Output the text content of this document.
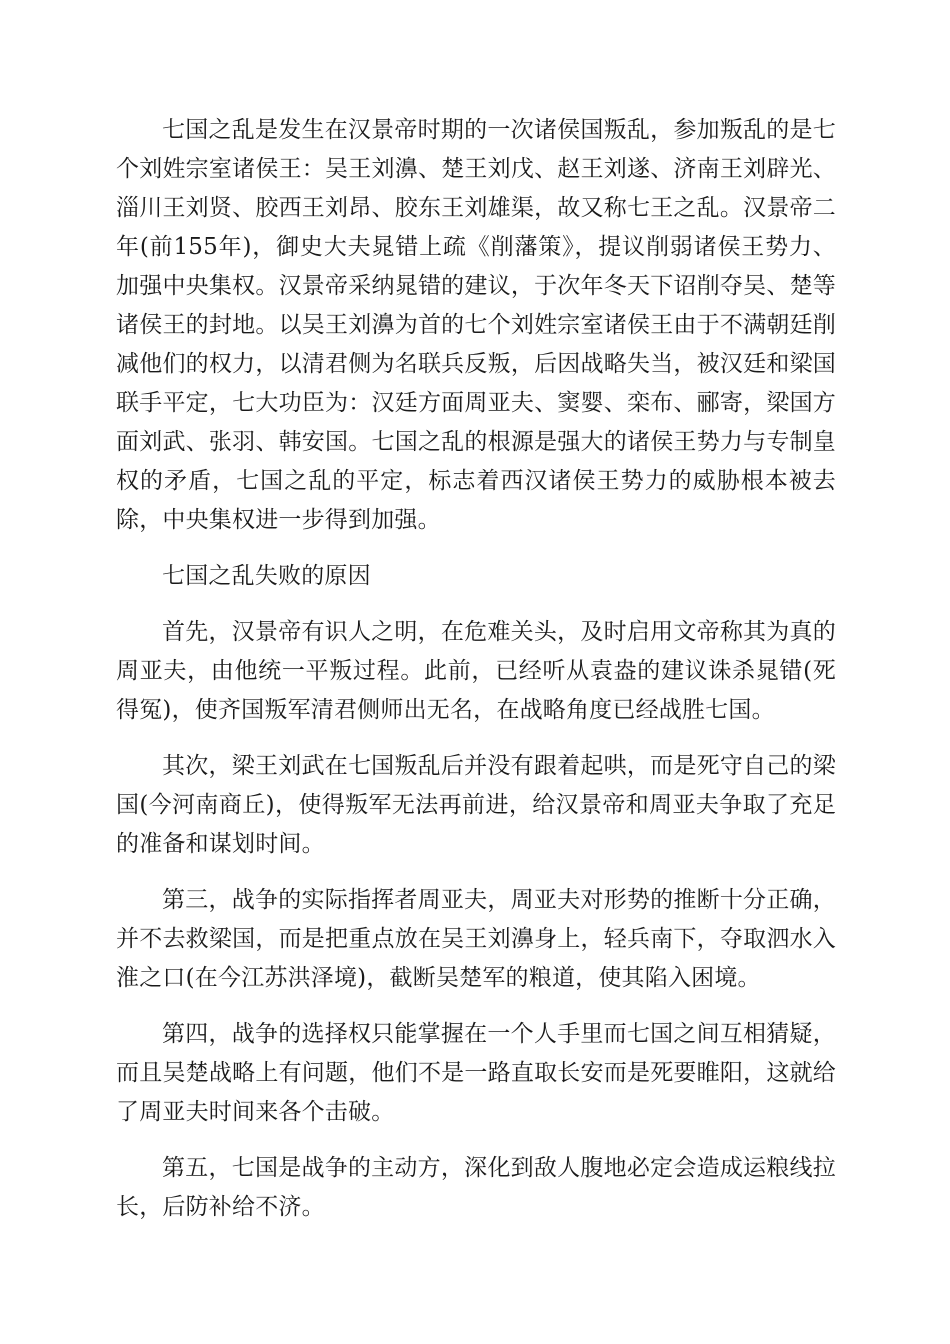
七国之乱是发生在汉景帝时期的一次诸侯国叛乱，参加叛乱的是七个刘姓宗室诸侯王：吴王刘濞、楚王刘戊、赵王刘遂、济南王刘辟光、淄川王刘贤、胶西王刘昂、胶东王刘雄渠，故又称七王之乱。汉景帝二年(前155年)，御史大夫晁错上疏《削藩策》，提议削弱诸侯王势力、加强中央集权。汉景帝采纳晁错的建议，于次年冬天下诏削夺吴、楚等诸侯王的封地。以吴王刘濞为首的七个刘姓宗室诸侯王由于不满朝廷削减他们的权力，以清君侧为名联兵反叛，后因战略失当，被汉廷和梁国联手平定，七大功臣为：汉廷方面周亚夫、窦婴、栾布、郦寄，梁国方面刘武、张羽、韩安国。七国之乱的根源是强大的诸侯王势力与专制皇权的矛盾，七国之乱的平定，标志着西汉诸侯王势力的威胁根本被去除，中央集权进一步得到加强。

七国之乱失败的原因

首先，汉景帝有识人之明，在危难关头，及时启用文帝称其为真的周亚夫，由他统一平叛过程。此前，已经听从袁盎的建议诛杀晁错(死得冤)，使齐国叛军清君侧师出无名，在战略角度已经战胜七国。

其次，梁王刘武在七国叛乱后并没有跟着起哄，而是死守自己的梁国(今河南商丘)，使得叛军无法再前进，给汉景帝和周亚夫争取了充足的准备和谋划时间。

第三，战争的实际指挥者周亚夫，周亚夫对形势的推断十分正确，并不去救梁国，而是把重点放在吴王刘濞身上，轻兵南下，夺取泗水入淮之口(在今江苏洪泽境)，截断吴楚军的粮道，使其陷入困境。

第四，战争的选择权只能掌握在一个人手里而七国之间互相猜疑，而且吴楚战略上有问题，他们不是一路直取长安而是死要睢阳，这就给了周亚夫时间来各个击破。

第五，七国是战争的主动方，深化到敌人腹地必定会造成运粮线拉长，后防补给不济。
